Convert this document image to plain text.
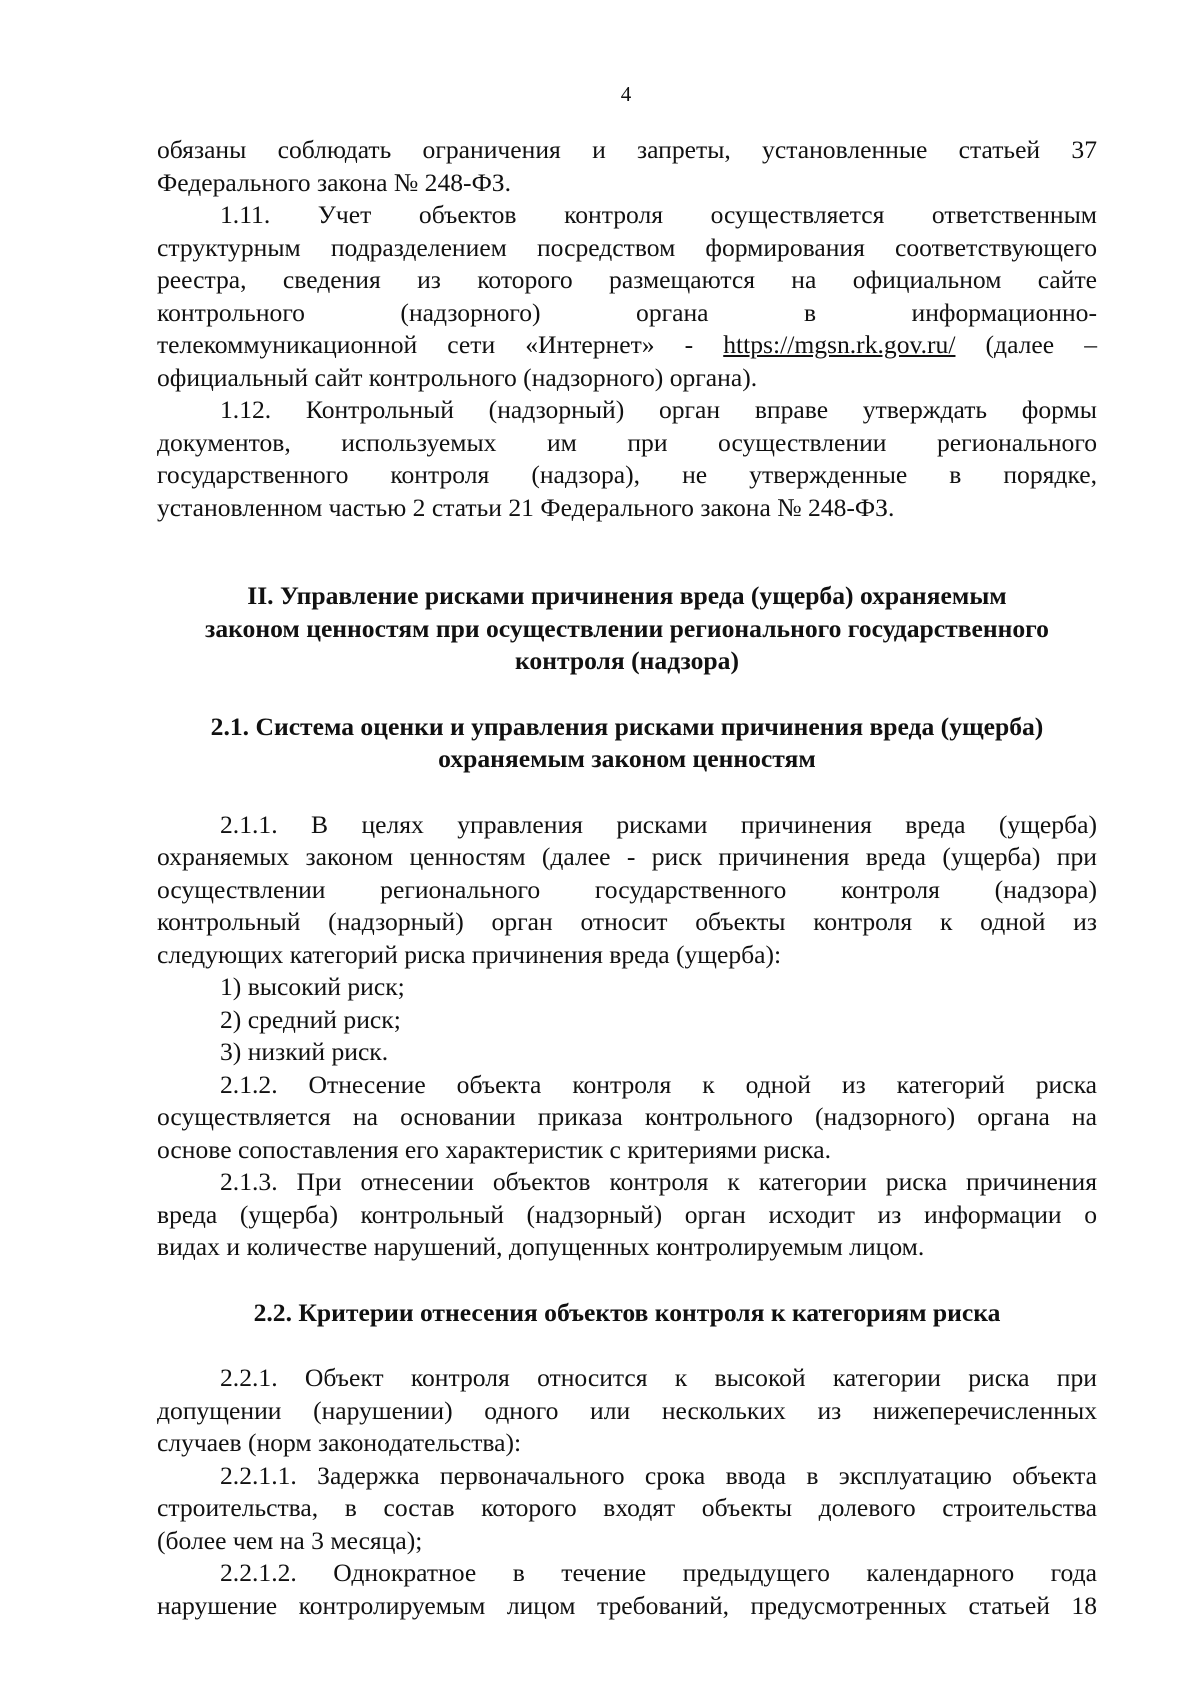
4
обязаны соблюдать ограничения и запреты, установленные статьей 37
Федерального закона № 248-ФЗ.
1.11. Учет объектов контроля осуществляется ответственным
структурным подразделением посредством формирования соответствующего
реестра, сведения из которого размещаются на официальном сайте
контрольного (надзорного) органа в информационно-
телекоммуникационной сети «Интернет» - https://mgsn.rk.gov.ru/ (далее –
официальный сайт контрольного (надзорного) органа).
1.12. Контрольный (надзорный) орган вправе утверждать формы
документов, используемых им при осуществлении регионального
государственного контроля (надзора), не утвержденные в порядке,
установленном частью 2 статьи 21 Федерального закона № 248-ФЗ.
II. Управление рисками причинения вреда (ущерба) охраняемым
законом ценностям при осуществлении регионального государственного
контроля (надзора)
2.1. Система оценки и управления рисками причинения вреда (ущерба)
охраняемым законом ценностям
2.1.1. В целях управления рисками причинения вреда (ущерба)
охраняемых законом ценностям (далее - риск причинения вреда (ущерба) при
осуществлении регионального государственного контроля (надзора)
контрольный (надзорный) орган относит объекты контроля к одной из
следующих категорий риска причинения вреда (ущерба):
1) высокий риск;
2) средний риск;
3) низкий риск.
2.1.2. Отнесение объекта контроля к одной из категорий риска
осуществляется на основании приказа контрольного (надзорного) органа на
основе сопоставления его характеристик с критериями риска.
2.1.3. При отнесении объектов контроля к категории риска причинения
вреда (ущерба) контрольный (надзорный) орган исходит из информации о
видах и количестве нарушений, допущенных контролируемым лицом.
2.2. Критерии отнесения объектов контроля к категориям риска
2.2.1. Объект контроля относится к высокой категории риска при
допущении (нарушении) одного или нескольких из нижеперечисленных
случаев (норм законодательства):
2.2.1.1. Задержка первоначального срока ввода в эксплуатацию объекта
строительства, в состав которого входят объекты долевого строительства
(более чем на 3 месяца);
2.2.1.2. Однократное в течение предыдущего календарного года
нарушение контролируемым лицом требований, предусмотренных статьей 18
